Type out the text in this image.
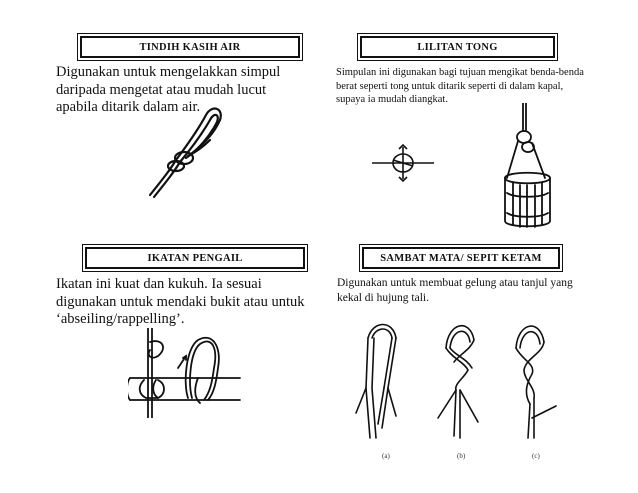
TINDIH KASIH AIR
Digunakan untuk mengelakkan simpul daripada mengetat atau mudah lucut apabila ditarik dalam air.
LILITAN TONG
Simpulan ini digunakan bagi tujuan mengikat benda-benda berat seperti tong untuk ditarik seperti di dalam kapal, supaya ia mudah diangkat.
IKATAN PENGAIL
Ikatan ini kuat dan kukuh. Ia sesuai digunakan untuk mendaki bukit atau untuk ‘abseiling/rappelling’.
SAMBAT MATA/ SEPIT KETAM
Digunakan untuk membuat gelung atau tanjul yang kekal di hujung tali.
(a)	(b)	(c)
